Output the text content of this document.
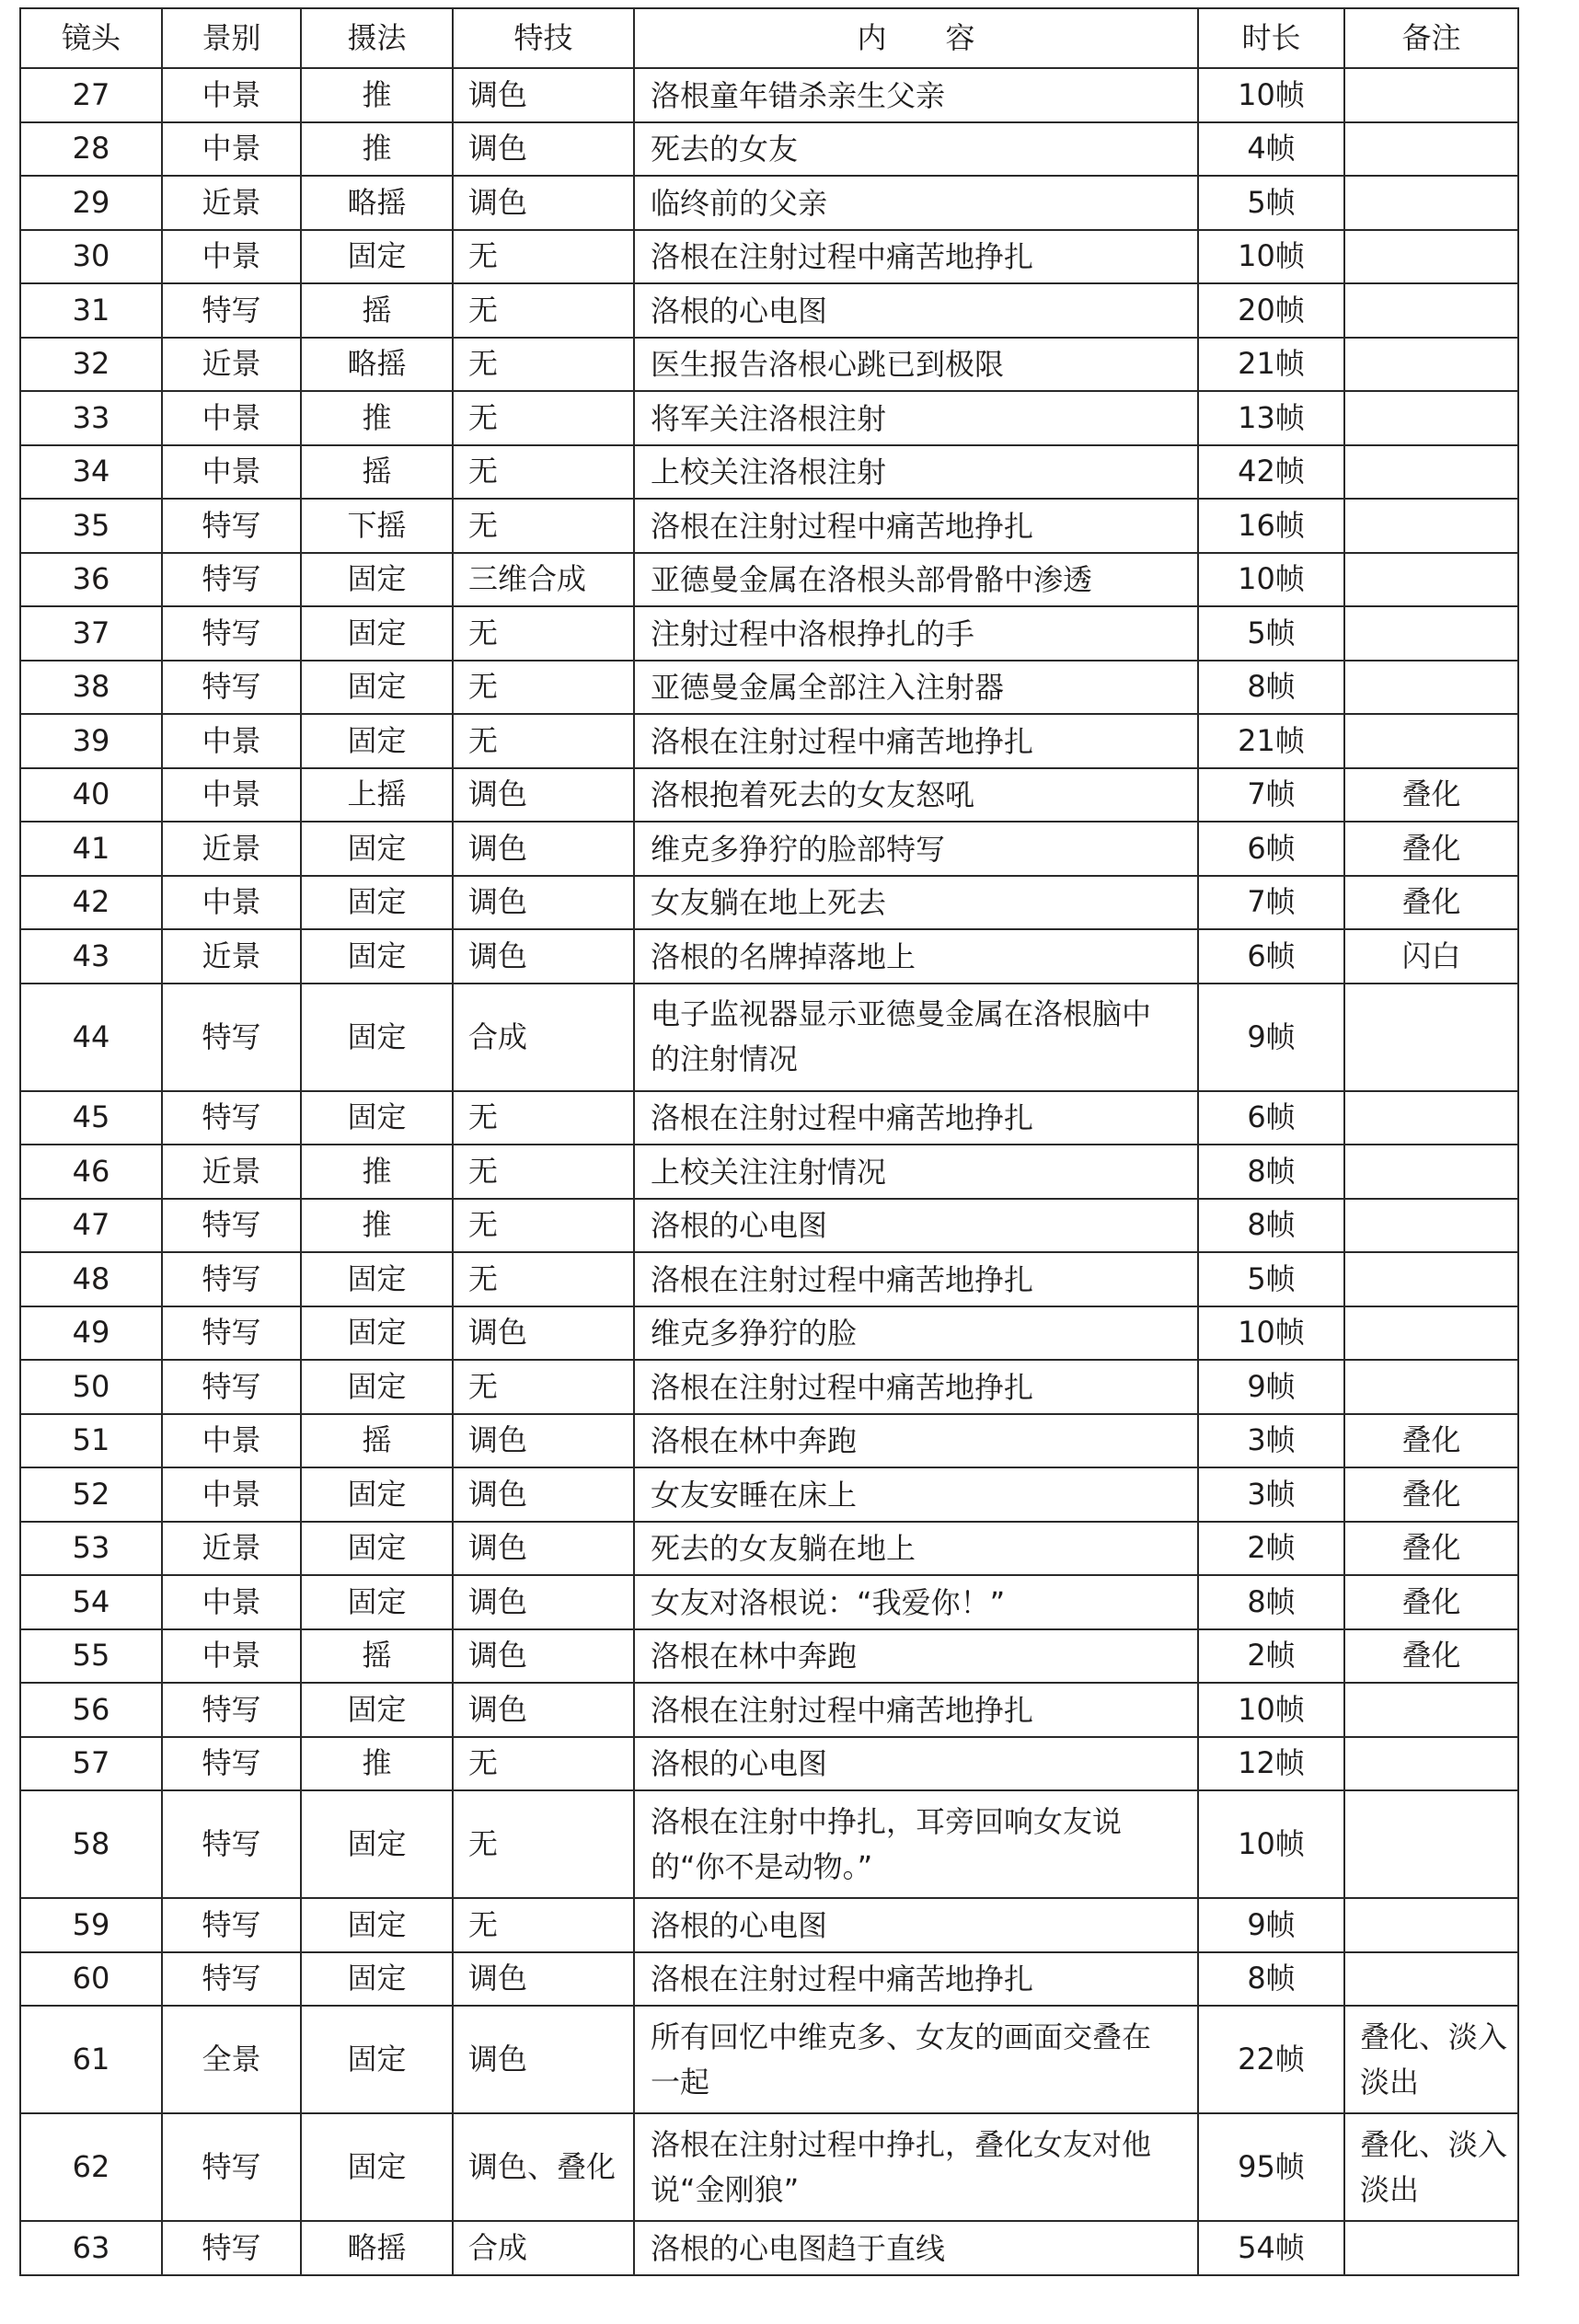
镜头	景别	摄法	特技	内　　容	时长	备注
27	中景	推	调色	洛根童年错杀亲生父亲	10帧	
28	中景	推	调色	死去的女友	4帧	
29	近景	略摇	调色	临终前的父亲	5帧	
30	中景	固定	无	洛根在注射过程中痛苦地挣扎	10帧	
31	特写	摇	无	洛根的心电图	20帧	
32	近景	略摇	无	医生报告洛根心跳已到极限	21帧	
33	中景	推	无	将军关注洛根注射	13帧	
34	中景	摇	无	上校关注洛根注射	42帧	
35	特写	下摇	无	洛根在注射过程中痛苦地挣扎	16帧	
36	特写	固定	三维合成	亚德曼金属在洛根头部骨骼中渗透	10帧	
37	特写	固定	无	注射过程中洛根挣扎的手	5帧	
38	特写	固定	无	亚德曼金属全部注入注射器	8帧	
39	中景	固定	无	洛根在注射过程中痛苦地挣扎	21帧	
40	中景	上摇	调色	洛根抱着死去的女友怒吼	7帧	叠化
41	近景	固定	调色	维克多狰狞的脸部特写	6帧	叠化
42	中景	固定	调色	女友躺在地上死去	7帧	叠化
43	近景	固定	调色	洛根的名牌掉落地上	6帧	闪白
44	特写	固定	合成	电子监视器显示亚德曼金属在洛根脑中的注射情况	9帧	
45	特写	固定	无	洛根在注射过程中痛苦地挣扎	6帧	
46	近景	推	无	上校关注注射情况	8帧	
47	特写	推	无	洛根的心电图	8帧	
48	特写	固定	无	洛根在注射过程中痛苦地挣扎	5帧	
49	特写	固定	调色	维克多狰狞的脸	10帧	
50	特写	固定	无	洛根在注射过程中痛苦地挣扎	9帧	
51	中景	摇	调色	洛根在林中奔跑	3帧	叠化
52	中景	固定	调色	女友安睡在床上	3帧	叠化
53	近景	固定	调色	死去的女友躺在地上	2帧	叠化
54	中景	固定	调色	女友对洛根说：“我爱你！”	8帧	叠化
55	中景	摇	调色	洛根在林中奔跑	2帧	叠化
56	特写	固定	调色	洛根在注射过程中痛苦地挣扎	10帧	
57	特写	推	无	洛根的心电图	12帧	
58	特写	固定	无	洛根在注射中挣扎，耳旁回响女友说的“你不是动物。”	10帧	
59	特写	固定	无	洛根的心电图	9帧	
60	特写	固定	调色	洛根在注射过程中痛苦地挣扎	8帧	
61	全景	固定	调色	所有回忆中维克多、女友的画面交叠在一起	22帧	叠化、淡入淡出
62	特写	固定	调色、叠化	洛根在注射过程中挣扎，叠化女友对他说“金刚狼”	95帧	叠化、淡入淡出
63	特写	略摇	合成	洛根的心电图趋于直线	54帧	
